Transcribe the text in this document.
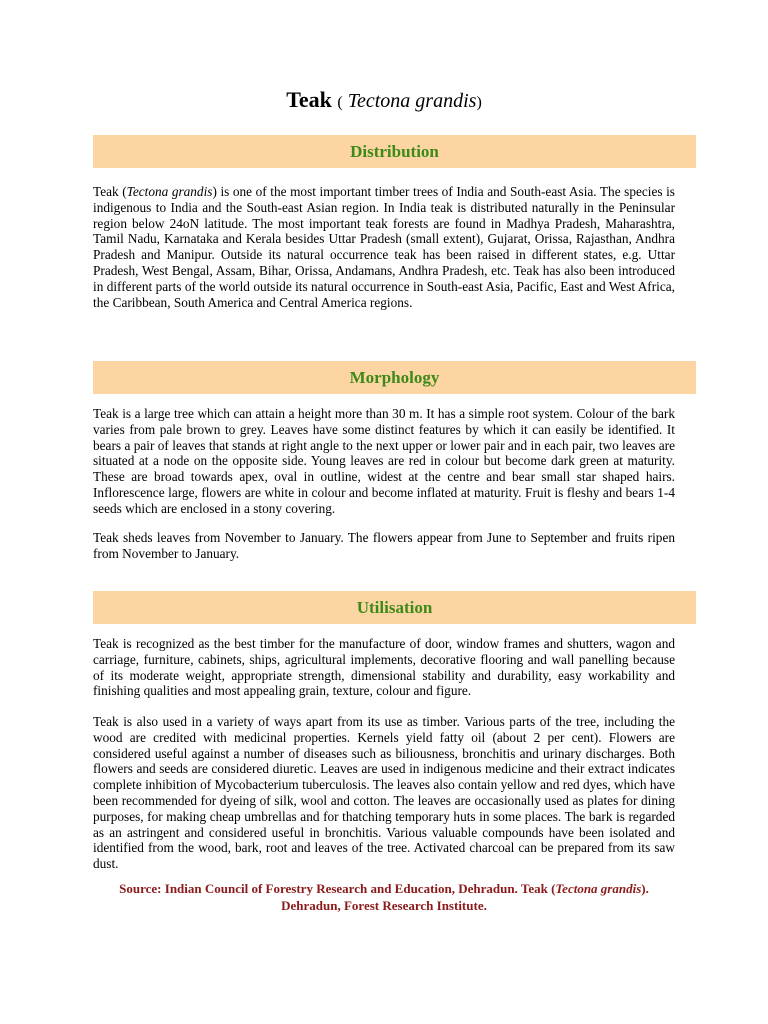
Teak ( Tectona grandis)
Distribution

Teak (Tectona grandis) is one of the most important timber trees of India and South-east Asia. The species is indigenous to India and the South-east Asian region. In India teak is distributed naturally in the Peninsular region below 24oN latitude. The most important teak forests are found in Madhya Pradesh, Maharashtra, Tamil Nadu, Karnataka and Kerala besides Uttar Pradesh (small extent), Gujarat, Orissa, Rajasthan, Andhra Pradesh and Manipur. Outside its natural occurrence teak has been raised in different states, e.g. Uttar Pradesh, West Bengal, Assam, Bihar, Orissa, Andamans, Andhra Pradesh, etc. Teak has also been introduced in different parts of the world outside its natural occurrence in South-east Asia, Pacific, East and West Africa, the Caribbean, South America and Central America regions.

Morphology

Teak is a large tree which can attain a height more than 30 m. It has a simple root system. Colour of the bark varies from pale brown to grey. Leaves have some distinct features by which it can easily be identified. It bears a pair of leaves that stands at right angle to the next upper or lower pair and in each pair, two leaves are situated at a node on the opposite side. Young leaves are red in colour but become dark green at maturity. These are broad towards apex, oval in outline, widest at the centre and bear small star shaped hairs. Inflorescence large, flowers are white in colour and become inflated at maturity. Fruit is fleshy and bears 1-4 seeds which are enclosed in a stony covering.

Teak sheds leaves from November to January. The flowers appear from June to September and fruits ripen from November to January.

Utilisation

Teak is recognized as the best timber for the manufacture of door, window frames and shutters, wagon and carriage, furniture, cabinets, ships, agricultural implements, decorative flooring and wall panelling because of its moderate weight, appropriate strength, dimensional stability and durability, easy workability and finishing qualities and most appealing grain, texture, colour and figure.

Teak is also used in a variety of ways apart from its use as timber. Various parts of the tree, including the wood are credited with medicinal properties. Kernels yield fatty oil (about 2 per cent). Flowers are considered useful against a number of diseases such as biliousness, bronchitis and urinary discharges. Both flowers and seeds are considered diuretic. Leaves are used in indigenous medicine and their extract indicates complete inhibition of Mycobacterium tuberculosis. The leaves also contain yellow and red dyes, which have been recommended for dyeing of silk, wool and cotton. The leaves are occasionally used as plates for dining purposes, for making cheap umbrellas and for thatching temporary huts in some places. The bark is regarded as an astringent and considered useful in bronchitis. Various valuable compounds have been isolated and identified from the wood, bark, root and leaves of the tree. Activated charcoal can be prepared from its saw dust.

Source: Indian Council of Forestry Research and Education, Dehradun. Teak (Tectona grandis).
Dehradun, Forest Research Institute.
